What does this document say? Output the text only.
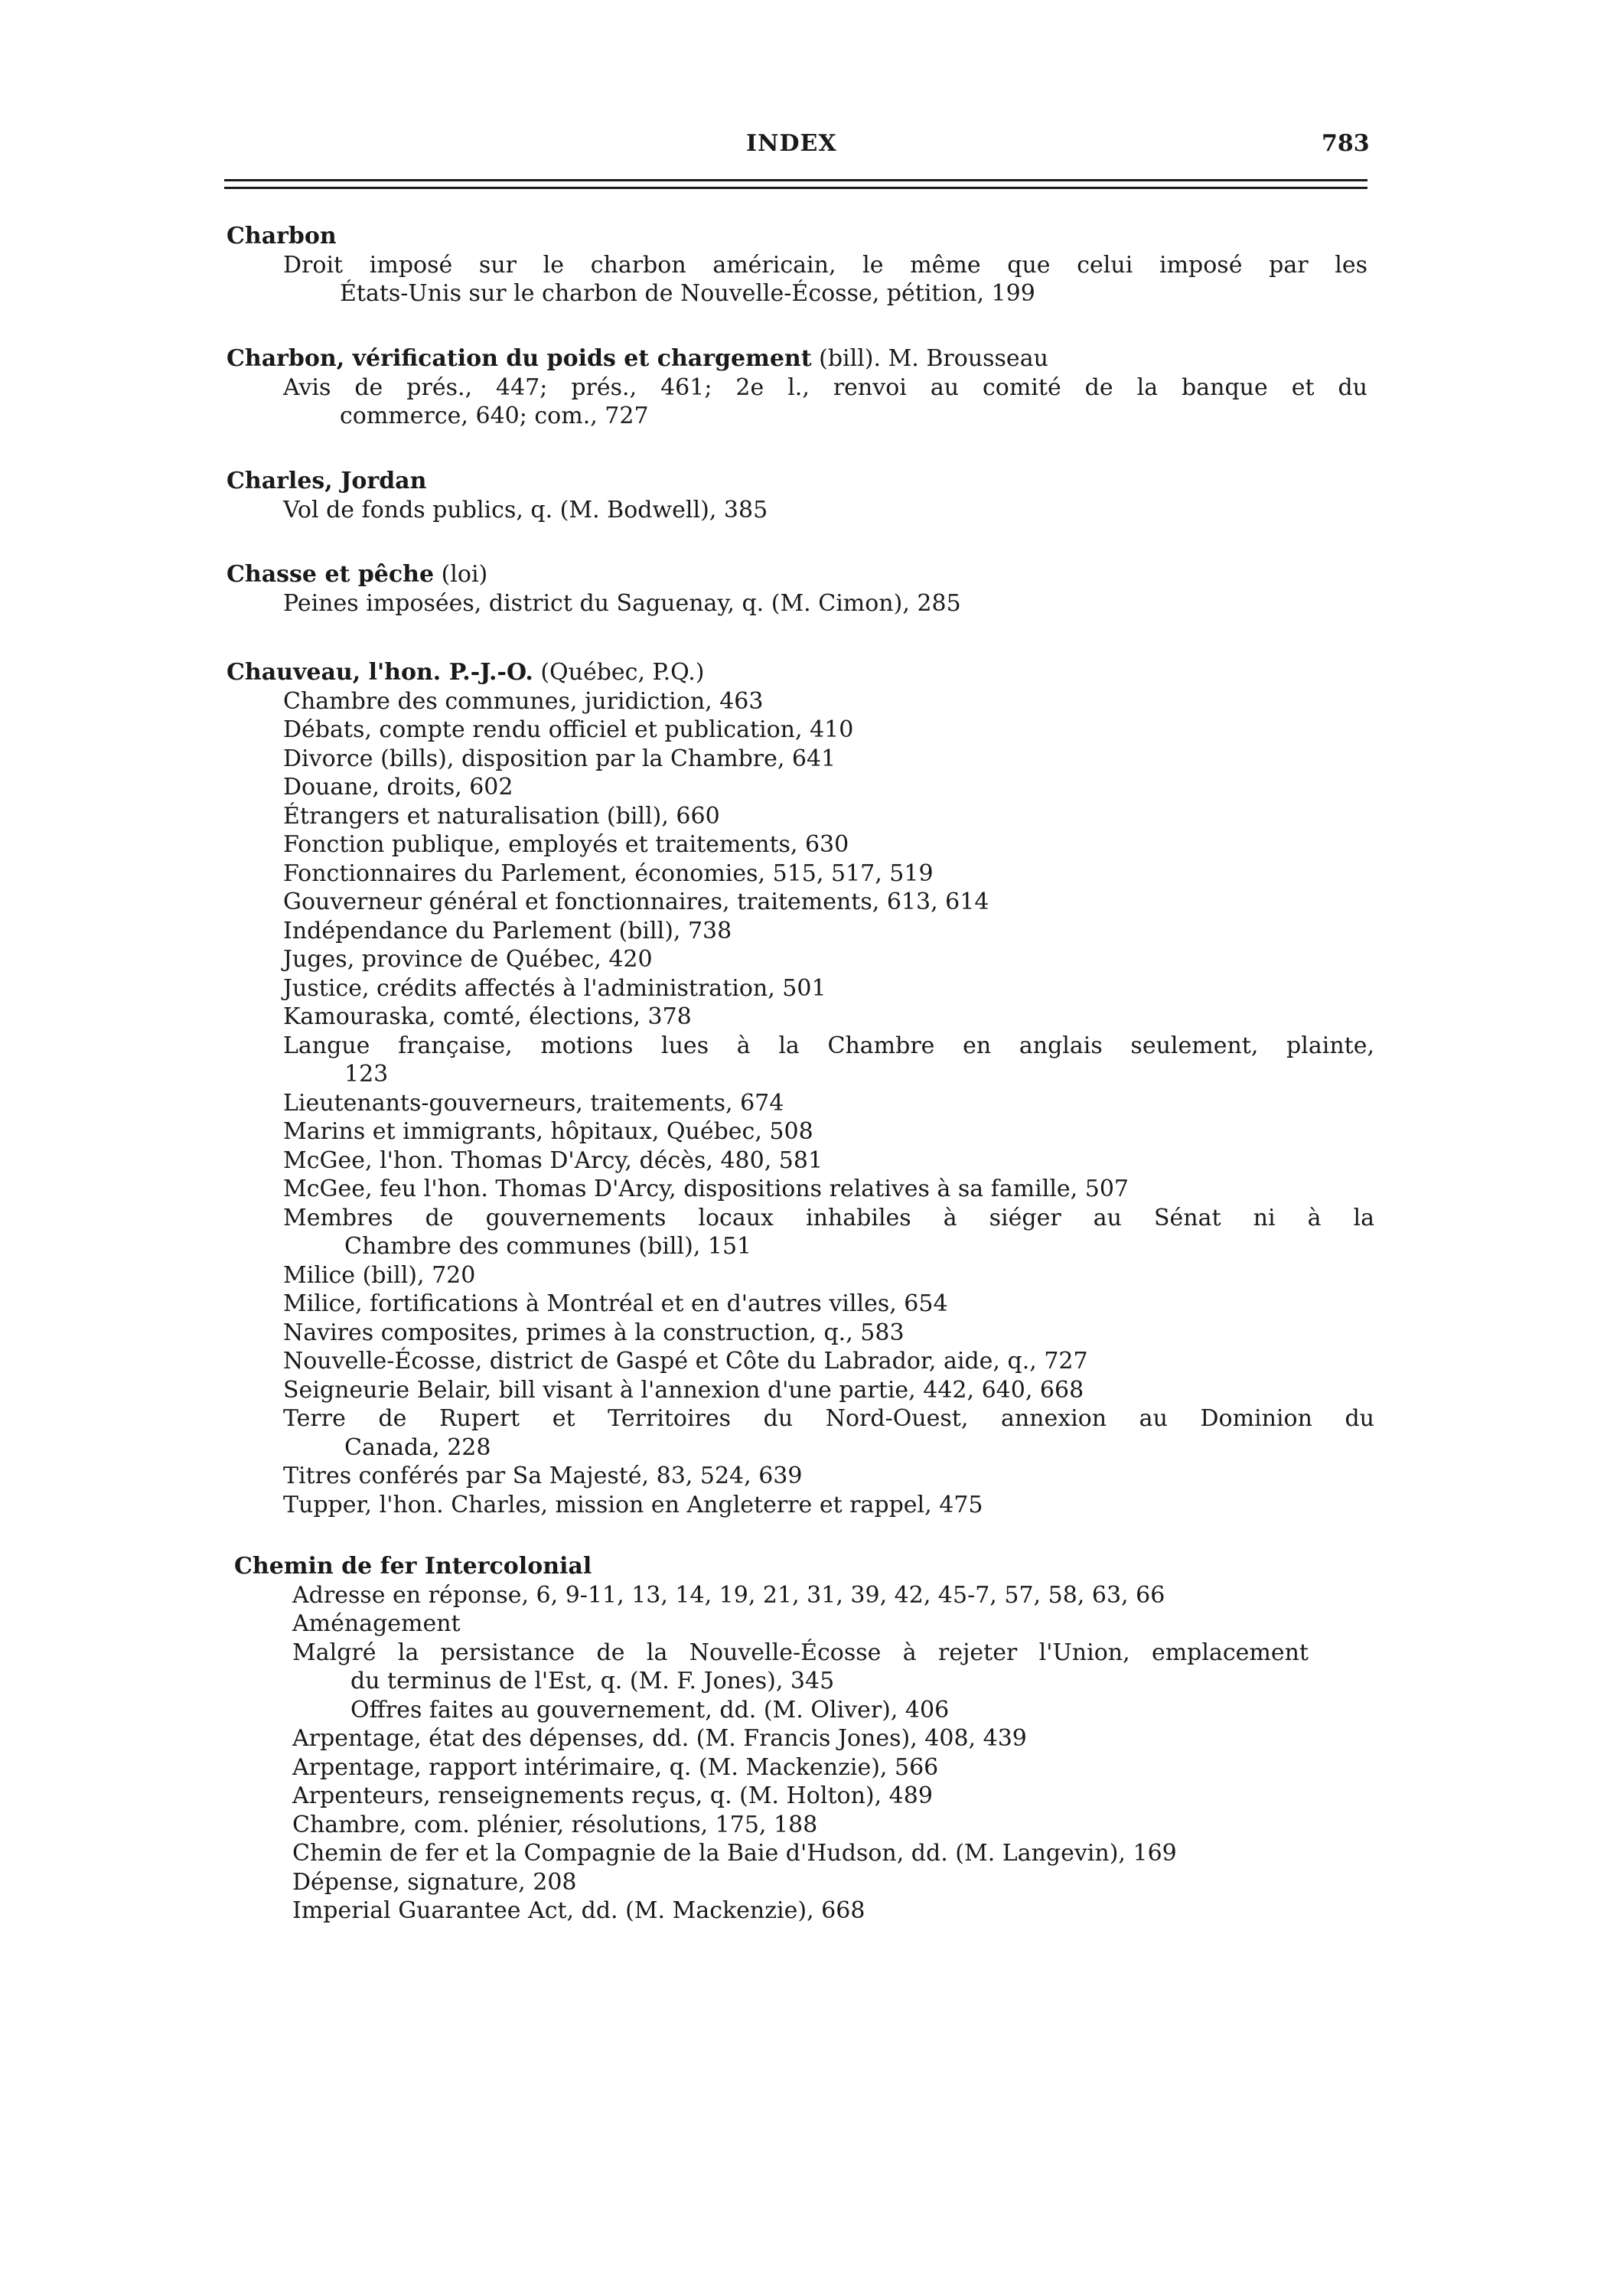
INDEX	783
Charbon
Droit imposé sur le charbon américain, le même que celui imposé par les
États-Unis sur le charbon de Nouvelle-Écosse, pétition, 199
Charbon, vérification du poids et chargement (bill). M. Brousseau
Avis de prés., 447; prés., 461; 2e l., renvoi au comité de la banque et du
commerce, 640; com., 727
Charles, Jordan
Vol de fonds publics, q. (M. Bodwell), 385
Chasse et pêche (loi)
Peines imposées, district du Saguenay, q. (M. Cimon), 285
Chauveau, l'hon. P.-J.-O. (Québec, P.Q.)
Chambre des communes, juridiction, 463
Débats, compte rendu officiel et publication, 410
Divorce (bills), disposition par la Chambre, 641
Douane, droits, 602
Étrangers et naturalisation (bill), 660
Fonction publique, employés et traitements, 630
Fonctionnaires du Parlement, économies, 515, 517, 519
Gouverneur général et fonctionnaires, traitements, 613, 614
Indépendance du Parlement (bill), 738
Juges, province de Québec, 420
Justice, crédits affectés à l'administration, 501
Kamouraska, comté, élections, 378
Langue française, motions lues à la Chambre en anglais seulement, plainte,
123
Lieutenants-gouverneurs, traitements, 674
Marins et immigrants, hôpitaux, Québec, 508
McGee, l'hon. Thomas D'Arcy, décès, 480, 581
McGee, feu l'hon. Thomas D'Arcy, dispositions relatives à sa famille, 507
Membres de gouvernements locaux inhabiles à siéger au Sénat ni à la
Chambre des communes (bill), 151
Milice (bill), 720
Milice, fortifications à Montréal et en d'autres villes, 654
Navires composites, primes à la construction, q., 583
Nouvelle-Écosse, district de Gaspé et Côte du Labrador, aide, q., 727
Seigneurie Belair, bill visant à l'annexion d'une partie, 442, 640, 668
Terre de Rupert et Territoires du Nord-Ouest, annexion au Dominion du
Canada, 228
Titres conférés par Sa Majesté, 83, 524, 639
Tupper, l'hon. Charles, mission en Angleterre et rappel, 475
Chemin de fer Intercolonial
Adresse en réponse, 6, 9-11, 13, 14, 19, 21, 31, 39, 42, 45-7, 57, 58, 63, 66
Aménagement
Malgré la persistance de la Nouvelle-Écosse à rejeter l'Union, emplacement
du terminus de l'Est, q. (M. F. Jones), 345
Offres faites au gouvernement, dd. (M. Oliver), 406
Arpentage, état des dépenses, dd. (M. Francis Jones), 408, 439
Arpentage, rapport intérimaire, q. (M. Mackenzie), 566
Arpenteurs, renseignements reçus, q. (M. Holton), 489
Chambre, com. plénier, résolutions, 175, 188
Chemin de fer et la Compagnie de la Baie d'Hudson, dd. (M. Langevin), 169
Dépense, signature, 208
Imperial Guarantee Act, dd. (M. Mackenzie), 668
